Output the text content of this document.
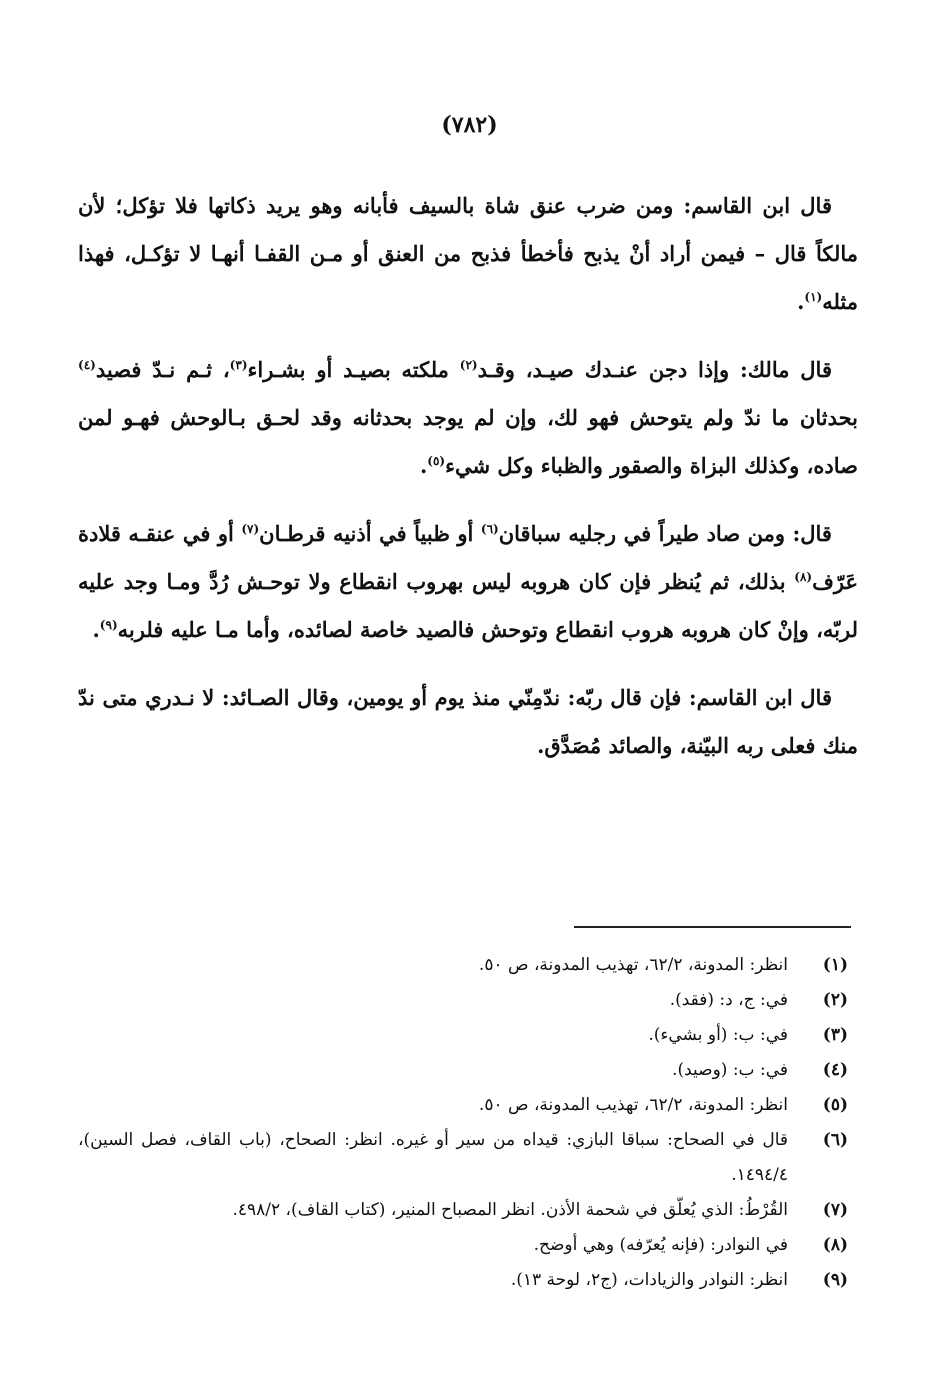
(٧٨٢)

قال ابن القاسم: ومن ضرب عنق شاة بالسيف فأبانه وهو يريد ذكاتها فلا تؤكل؛ لأن مالكاً قال – فيمن أراد أنْ يذبح فأخطأ فذبح من العنق أو مـن القفـا أنهـا لا تؤكـل، فهذا مثله$^{(١)}$.

قال مالك: وإذا دجن عنـدك صيـد، وقـد$^{(٢)}$ ملكته بصيـد أو بشـراء$^{(٣)}$، ثـم نـدّ فصيد$^{(٤)}$ بحدثان ما ندّ ولم يتوحش فهو لك، وإن لم يوجد بحدثانه وقد لحـق بـالوحش فهـو لمن صاده، وكذلك البزاة والصقور والظباء وكل شيء$^{(٥)}$.

قال: ومن صاد طيراً في رجليه سباقان$^{(٦)}$ أو ظبياً في أذنيه قرطـان$^{(٧)}$ أو في عنقـه قلادة عَرّف$^{(٨)}$ بذلك، ثم يُنظر فإن كان هروبه ليس بهروب انقطاع ولا توحـش رُدَّ ومـا وجد عليه لربّه، وإنْ كان هروبه هروب انقطاع وتوحش فالصيد خاصة لصائده، وأما مـا عليه فلربه$^{(٩)}$.

قال ابن القاسم: فإن قال ربّه: ندّمِنّي منذ يوم أو يومين، وقال الصـائد: لا نـدري متى ندّ منك فعلى ربه البيّنة، والصائد مُصَدَّق.

(١)
انظر: المدونة، ٦٢/٢، تهذيب المدونة، ص ٥٠.
(٢)
في: ج، د: (فقد).
(٣)
في: ب: (أو بشيء).
(٤)
في: ب: (وصيد).
(٥)
انظر: المدونة، ٦٢/٢، تهذيب المدونة، ص ٥٠.
(٦)
قال في الصحاح: سباقا البازي: قيداه من سير أو غيره. انظر: الصحاح، (باب القاف، فصل السين)، ١٤٩٤/٤.
(٧)
القُرْطُ: الذي يُعلّق في شحمة الأذن. انظر المصباح المنير، (كتاب القاف)، ٤٩٨/٢.
(٨)
في النوادر: (فإنه يُعرّفه) وهي أوضح.
(٩)
انظر: النوادر والزيادات، (ج٢، لوحة ١٣).
